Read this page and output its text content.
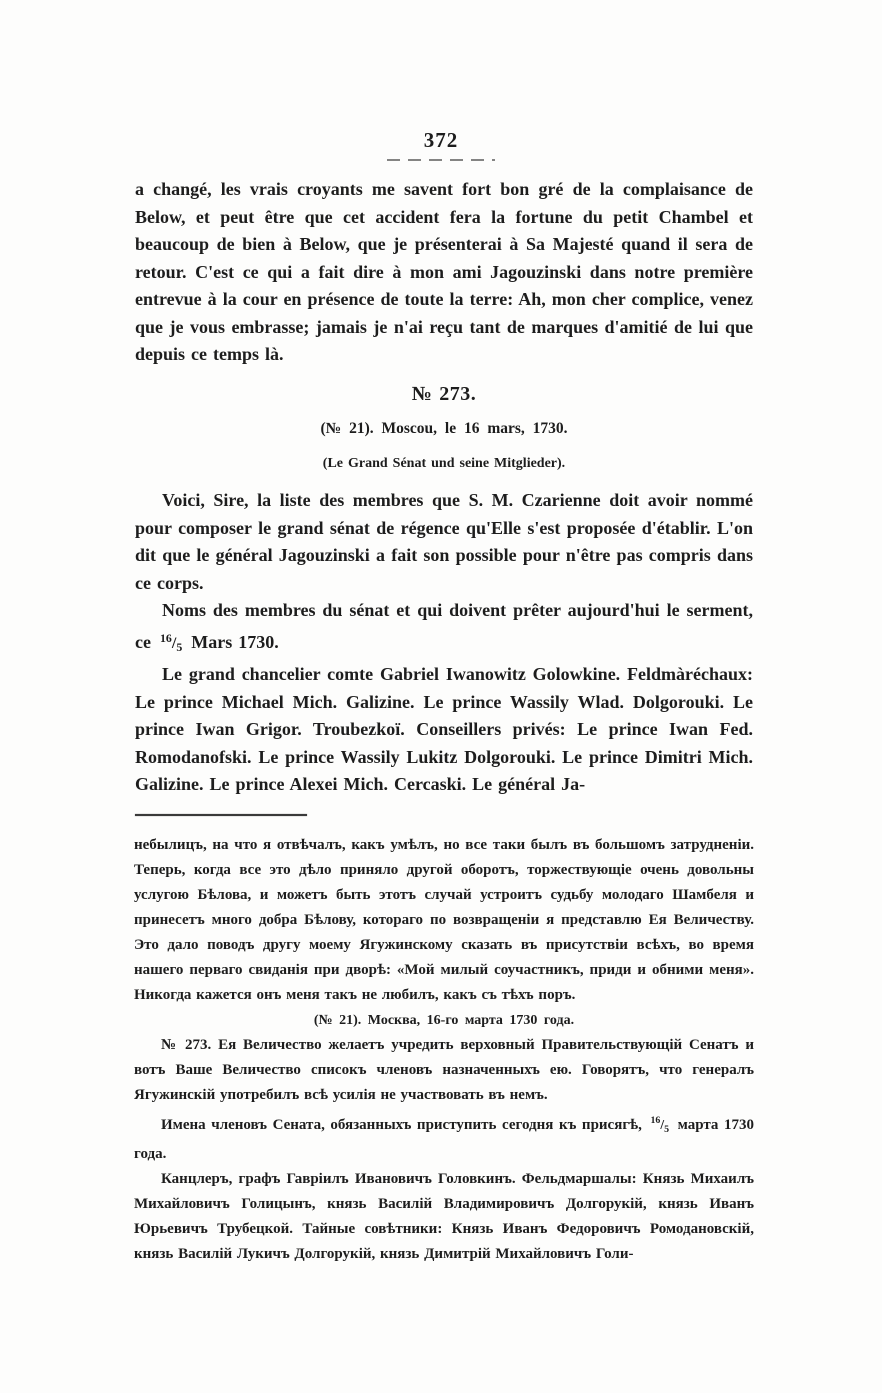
372

a changé, les vrais croyants me savent fort bon gré de la complaisance de Below, et peut être que cet accident fera la fortune du petit Chambel et beaucoup de bien à Below, que je présenterai à Sa Majesté quand il sera de retour. C'est ce qui a fait dire à mon ami Jagouzinski dans notre première entrevue à la cour en présence de toute la terre: Ah, mon cher complice, venez que je vous embrasse; jamais je n'ai reçu tant de marques d'amitié de lui que depuis ce temps là.

№ 273.
(№ 21). Moscou, le 16 mars, 1730.
(Le Grand Sénat und seine Mitglieder).

Voici, Sire, la liste des membres que S. M. Czarienne doit avoir nommé pour composer le grand sénat de régence qu'Elle s'est proposée d'établir. L'on dit que le général Jagouzinski a fait son possible pour n'être pas compris dans ce corps.

Noms des membres du sénat et qui doivent prêter aujourd'hui le serment, ce $^{16}/_5$ Mars 1730.

Le grand chancelier comte Gabriel Iwanowitz Golowkine. Feldmàréchaux: Le prince Michael Mich. Galizine. Le prince Wassily Wlad. Dolgorouki. Le prince Iwan Grigor. Troubezkoï. Conseillers privés: Le prince Iwan Fed. Romodanofski. Le prince Wassily Lukitz Dolgorouki. Le prince Dimitri Mich. Galizine. Le prince Alexei Mich. Cercaski. Le général Ja-

небылицъ, на что я отвѣчалъ, какъ умѣлъ, но все таки былъ въ большомъ затрудненіи. Теперь, когда все это дѣло приняло другой оборотъ, торжествующіе очень довольны услугою Бѣлова, и можетъ быть этотъ случай устроитъ судьбу молодаго Шамбеля и принесетъ много добра Бѣлову, котораго по возвращеніи я представлю Ея Величеству. Это дало поводъ другу моему Ягужинскому сказать въ присутствіи всѣхъ, во время нашего перваго свиданія при дворѣ: «Мой милый соучастникъ, приди и обними меня». Никогда кажется онъ меня такъ не любилъ, какъ съ тѣхъ поръ.

(№ 21). Москва, 16-го марта 1730 года.

№ 273. Ея Величество желаетъ учредить верховный Правительствующій Сенатъ и вотъ Ваше Величество списокъ членовъ назначенныхъ ею. Говорятъ, что генералъ Ягужинскій употребилъ всѣ усилія не участвовать въ немъ.

Имена членовъ Сената, обязанныхъ приступить сегодня къ присягѣ, $^{16}/_5$ марта 1730 года.

Канцлеръ, графъ Гавріилъ Ивановичъ Головкинъ. Фельдмаршалы: Князь Михаилъ Михайловичъ Голицынъ, князь Василій Владимировичъ Долгорукій, князь Иванъ Юрьевичъ Трубецкой. Тайные совѣтники: Князь Иванъ Федоровичъ Ромодановскій, князь Василій Лукичъ Долгорукій, князь Димитрій Михайловичъ Голи-
